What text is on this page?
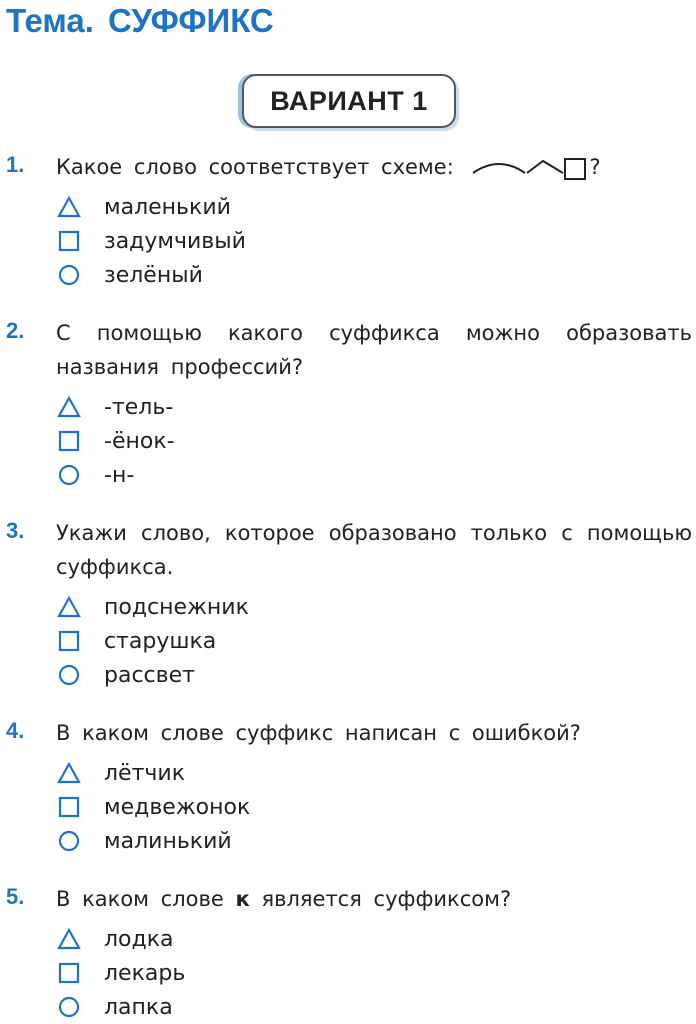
Тема. СУФФИКС
ВАРИАНТ 1
1. Какое слово соответствует схеме:	?

маленький
задумчивый
зелёный
2. С помощью какого суффикса можно образовать названия профессий?

-тель-
-ёнок-
-н-
3. Укажи слово, которое образовано только с помощью суффикса.

подснежник
старушка
рассвет
4. В каком слове суффикс написан с ошибкой?

лётчик
медвежонок
малинький
5. В каком слове к является суффиксом?

лодка
лекарь
лапка
